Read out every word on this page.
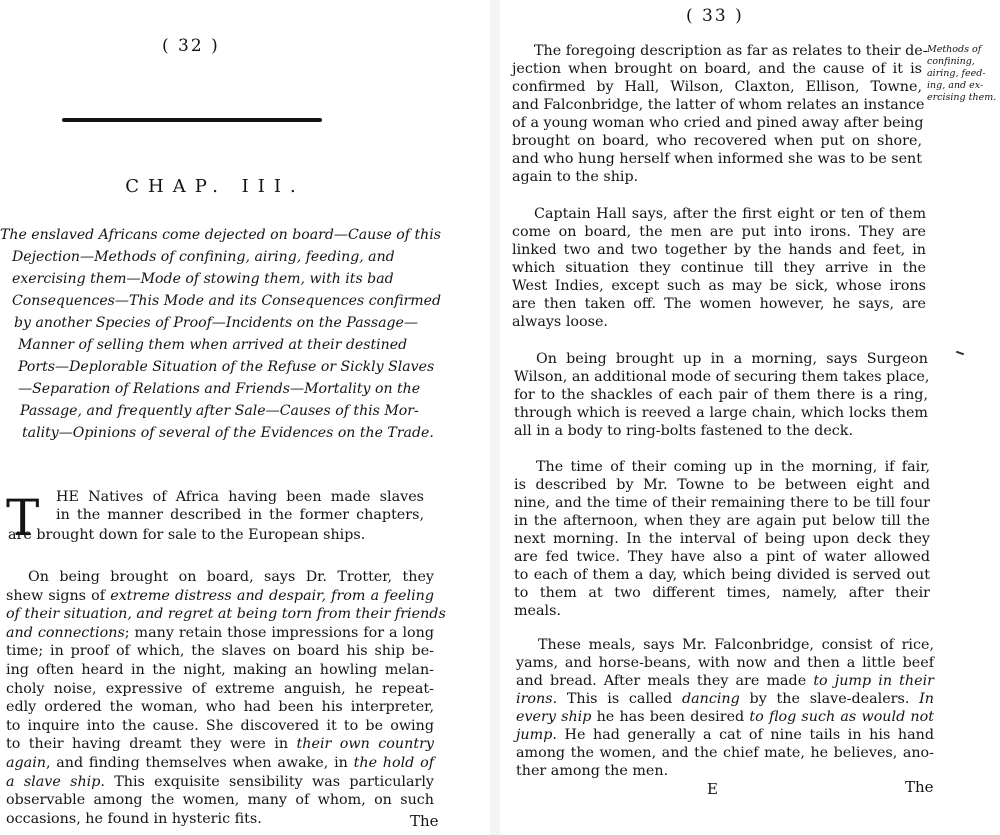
( 32 )
CHAP. III.
The enslaved Africans come dejected on board—Cause of this
Dejection—Methods of confining, airing, feeding, and
exercising them—Mode of stowing them, with its bad
Consequences—This Mode and its Consequences confirmed
by another Species of Proof—Incidents on the Passage—
Manner of selling them when arrived at their destined
Ports—Deplorable Situation of the Refuse or Sickly Slaves
—Separation of Relations and Friends—Mortality on the
Passage, and frequently after Sale—Causes of this Mor-
tality—Opinions of several of the Evidences on the Trade.
T HE Natives of Africa having been made slaves
in the manner described in the former chapters,
are brought down for sale to the European ships.
On being brought on board, says Dr. Trotter, they
shew signs of extreme distress and despair, from a feeling
of their situation, and regret at being torn from their friends
and connections; many retain those impressions for a long
time; in proof of which, the slaves on board his ship be-
ing often heard in the night, making an howling melan-
choly noise, expressive of extreme anguish, he repeat-
edly ordered the woman, who had been his interpreter,
to inquire into the cause. She discovered it to be owing
to their having dreamt they were in their own country
again, and finding themselves when awake, in the hold of
a slave ship. This exquisite sensibility was particularly
observable among the women, many of whom, on such
occasions, he found in hysteric fits.	The
( 33 )
Methods of
confining,
airing, feed-
ing, and ex-
ercising them.
The foregoing description as far as relates to their de-
jection when brought on board, and the cause of it is
confirmed by Hall, Wilson, Claxton, Ellison, Towne,
and Falconbridge, the latter of whom relates an instance
of a young woman who cried and pined away after being
brought on board, who recovered when put on shore,
and who hung herself when informed she was to be sent
again to the ship.
Captain Hall says, after the first eight or ten of them
come on board, the men are put into irons. They are
linked two and two together by the hands and feet, in
which situation they continue till they arrive in the
West Indies, except such as may be sick, whose irons
are then taken off. The women however, he says, are
always loose.
On being brought up in a morning, says Surgeon
Wilson, an additional mode of securing them takes place,
for to the shackles of each pair of them there is a ring,
through which is reeved a large chain, which locks them
all in a body to ring-bolts fastened to the deck.
The time of their coming up in the morning, if fair,
is described by Mr. Towne to be between eight and
nine, and the time of their remaining there to be till four
in the afternoon, when they are again put below till the
next morning. In the interval of being upon deck they
are fed twice. They have also a pint of water allowed
to each of them a day, which being divided is served out
to them at two different times, namely, after their
meals.
These meals, says Mr. Falconbridge, consist of rice,
yams, and horse-beans, with now and then a little beef
and bread. After meals they are made to jump in their
irons. This is called dancing by the slave-dealers. In
every ship he has been desired to flog such as would not
jump. He had generally a cat of nine tails in his hand
among the women, and the chief mate, he believes, ano-
ther among the men.
E	The
